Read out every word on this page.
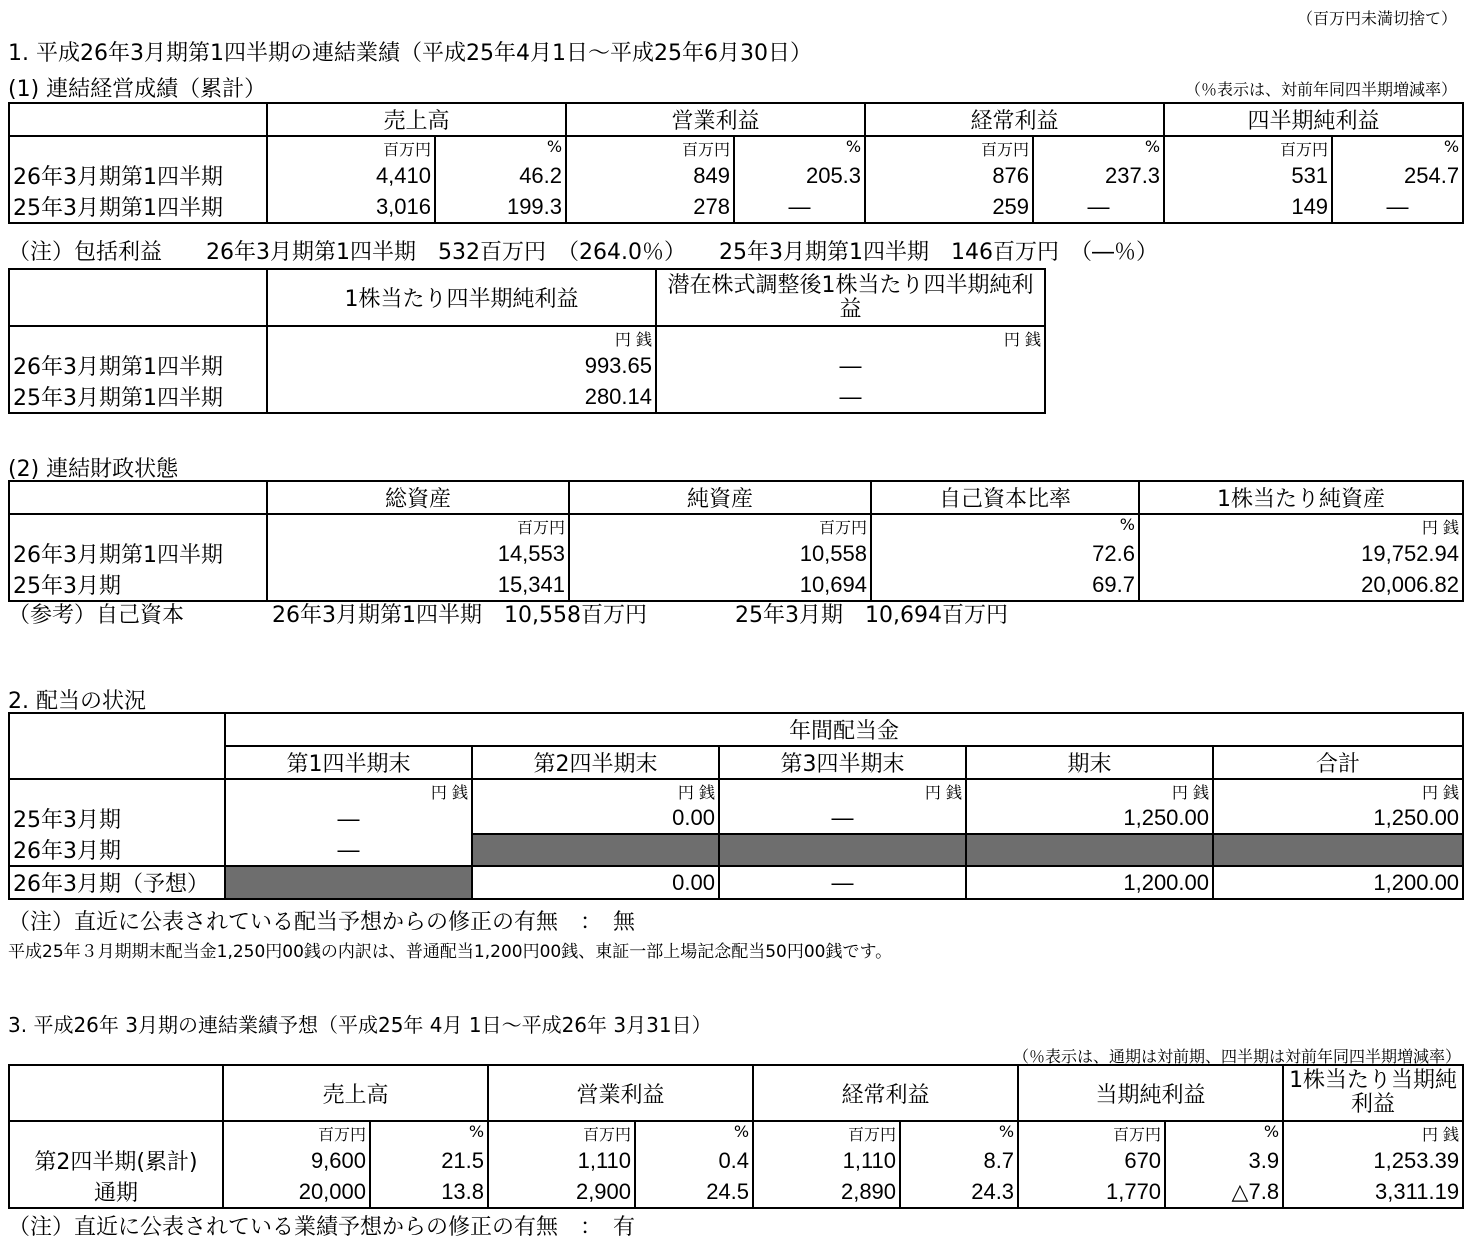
（百万円未満切捨て）
1. 平成26年3月期第1四半期の連結業績（平成25年4月1日～平成25年6月30日）
(1) 連結経営成績（累計）	（％表示は、対前年同四半期増減率）
	売上高		営業利益		経常利益		四半期純利益	
	百万円	%	百万円	%	百万円	%	百万円	%
26年3月期第1四半期	4,410	46.2	849	205.3	876	237.3	531	254.7
25年3月期第1四半期	3,016	199.3	278	―	259	―	149	―
（注）包括利益　　26年3月期第1四半期　532百万円　（264.0％）　　25年3月期第1四半期　146百万円　（―％）
	1株当たり四半期純利益	潜在株式調整後1株当たり四半期純利益
	円 銭	円 銭
26年3月期第1四半期	993.65	―
25年3月期第1四半期	280.14	―
(2) 連結財政状態
	総資産	純資産	自己資本比率	1株当たり純資産
	百万円	百万円	%	円 銭
26年3月期第1四半期	14,553	10,558	72.6	19,752.94
25年3月期	15,341	10,694	69.7	20,006.82
（参考）自己資本　　　　26年3月期第1四半期　10,558百万円　　　　25年3月期　10,694百万円
2. 配当の状況
	年間配当金				
	第1四半期末	第2四半期末	第3四半期末	期末	合計
	円 銭	円 銭	円 銭	円 銭	円 銭
25年3月期	―	0.00	―	1,250.00	1,250.00
26年3月期	―				
26年3月期（予想）		0.00	―	1,200.00	1,200.00
（注）直近に公表されている配当予想からの修正の有無　：　無
平成25年３月期期末配当金1,250円00銭の内訳は、普通配当1,200円00銭、東証一部上場記念配当50円00銭です。
3. 平成26年 3月期の連結業績予想（平成25年 4月 1日～平成26年 3月31日）
（％表示は、通期は対前期、四半期は対前年同四半期増減率）
	売上高		営業利益		経常利益		当期純利益		1株当たり当期純利益
	百万円	%	百万円	%	百万円	%	百万円	%	円 銭
第2四半期(累計)	9,600	21.5	1,110	0.4	1,110	8.7	670	3.9	1,253.39
通期	20,000	13.8	2,900	24.5	2,890	24.3	1,770	△7.8	3,311.19
（注）直近に公表されている業績予想からの修正の有無　：　有
